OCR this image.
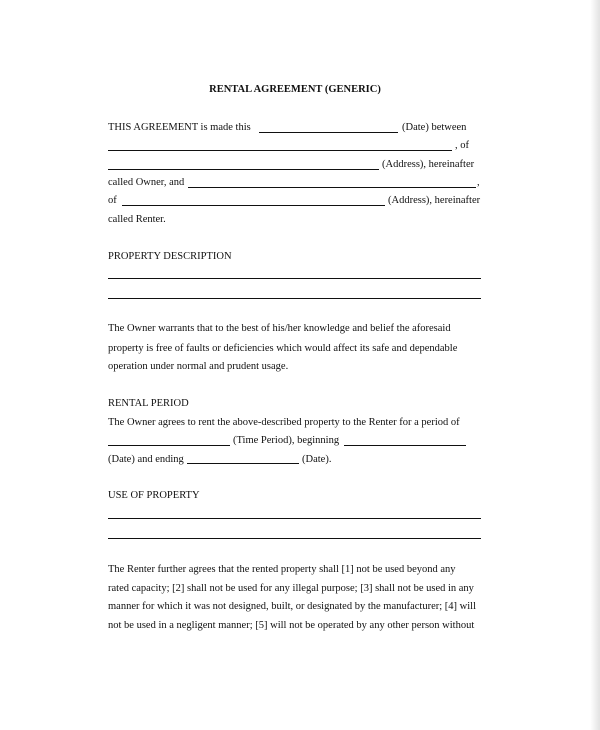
RENTAL AGREEMENT (GENERIC)
THIS AGREEMENT is made this	(Date) between
, of
(Address), hereinafter
called Owner, and	,
of	(Address), hereinafter
called Renter.
PROPERTY DESCRIPTION
The Owner warrants that to the best of his/her knowledge and belief the aforesaid
property is free of faults or deficiencies which would affect its safe and dependable
operation under normal and prudent usage.
RENTAL PERIOD
The Owner agrees to rent the above-described property to the Renter for a period of
(Time Period), beginning
(Date) and ending	(Date).
USE OF PROPERTY
The Renter further agrees that the rented property shall [1] not be used beyond any
rated capacity; [2] shall not be used for any illegal purpose; [3] shall not be used in any
manner for which it was not designed, built, or designated by the manufacturer; [4] will
not be used in a negligent manner; [5] will not be operated by any other person without
